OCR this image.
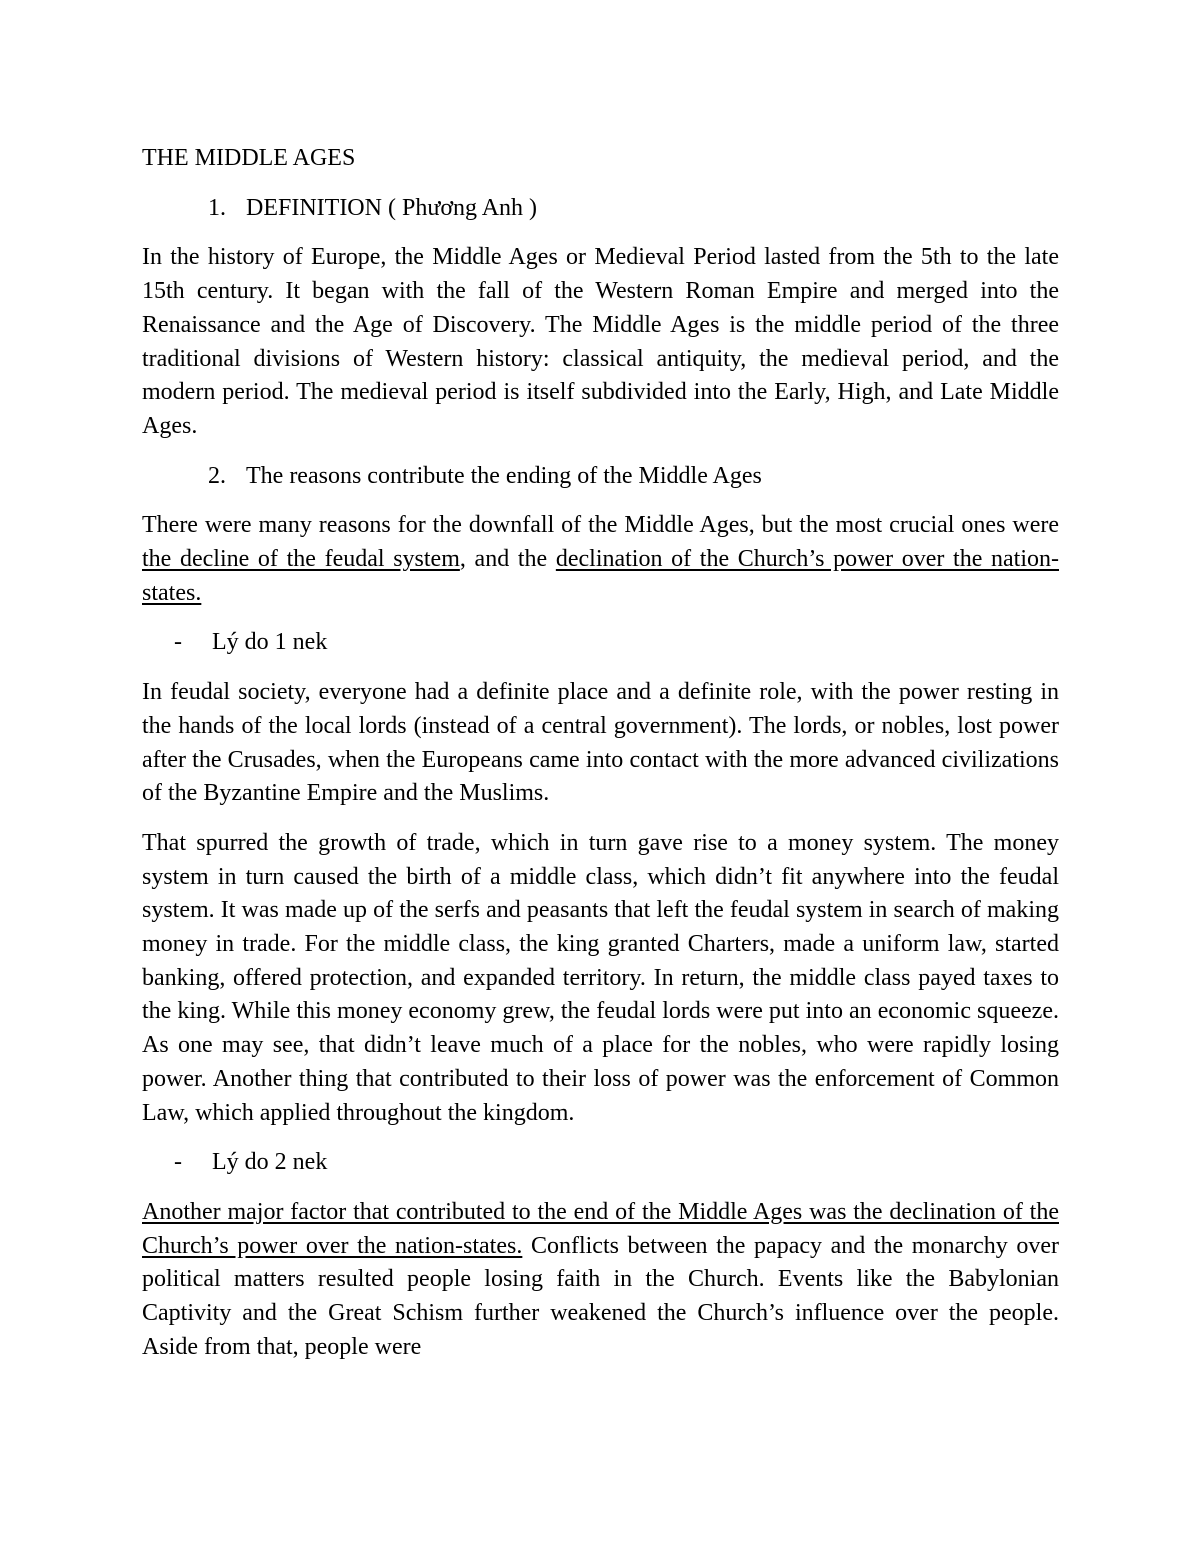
THE MIDDLE AGES
1. DEFINITION ( Phương Anh )

In the history of Europe, the Middle Ages or Medieval Period lasted from the 5th to the late 15th century. It began with the fall of the Western Roman Empire and merged into the Renaissance and the Age of Discovery. The Middle Ages is the middle period of the three traditional divisions of Western history: classical antiquity, the medieval period, and the modern period. The medieval period is itself subdivided into the Early, High, and Late Middle Ages.

2. The reasons contribute the ending of the Middle Ages

There were many reasons for the downfall of the Middle Ages, but the most crucial ones were the decline of the feudal system, and the declination of the Church’s power over the nation-states.

- Lý do 1 nek

In feudal society, everyone had a definite place and a definite role, with the power resting in the hands of the local lords (instead of a central government). The lords, or nobles, lost power after the Crusades, when the Europeans came into contact with the more advanced civilizations of the Byzantine Empire and the Muslims.

That spurred the growth of trade, which in turn gave rise to a money system. The money system in turn caused the birth of a middle class, which didn’t fit anywhere into the feudal system. It was made up of the serfs and peasants that left the feudal system in search of making money in trade. For the middle class, the king granted Charters, made a uniform law, started banking, offered protection, and expanded territory. In return, the middle class payed taxes to the king. While this money economy grew, the feudal lords were put into an economic squeeze. As one may see, that didn’t leave much of a place for the nobles, who were rapidly losing power. Another thing that contributed to their loss of power was the enforcement of Common Law, which applied throughout the kingdom.

- Lý do 2 nek

Another major factor that contributed to the end of the Middle Ages was the declination of the Church’s power over the nation-states. Conflicts between the papacy and the monarchy over political matters resulted people losing faith in the Church. Events like the Babylonian Captivity and the Great Schism further weakened the Church’s influence over the people. Aside from that, people were
